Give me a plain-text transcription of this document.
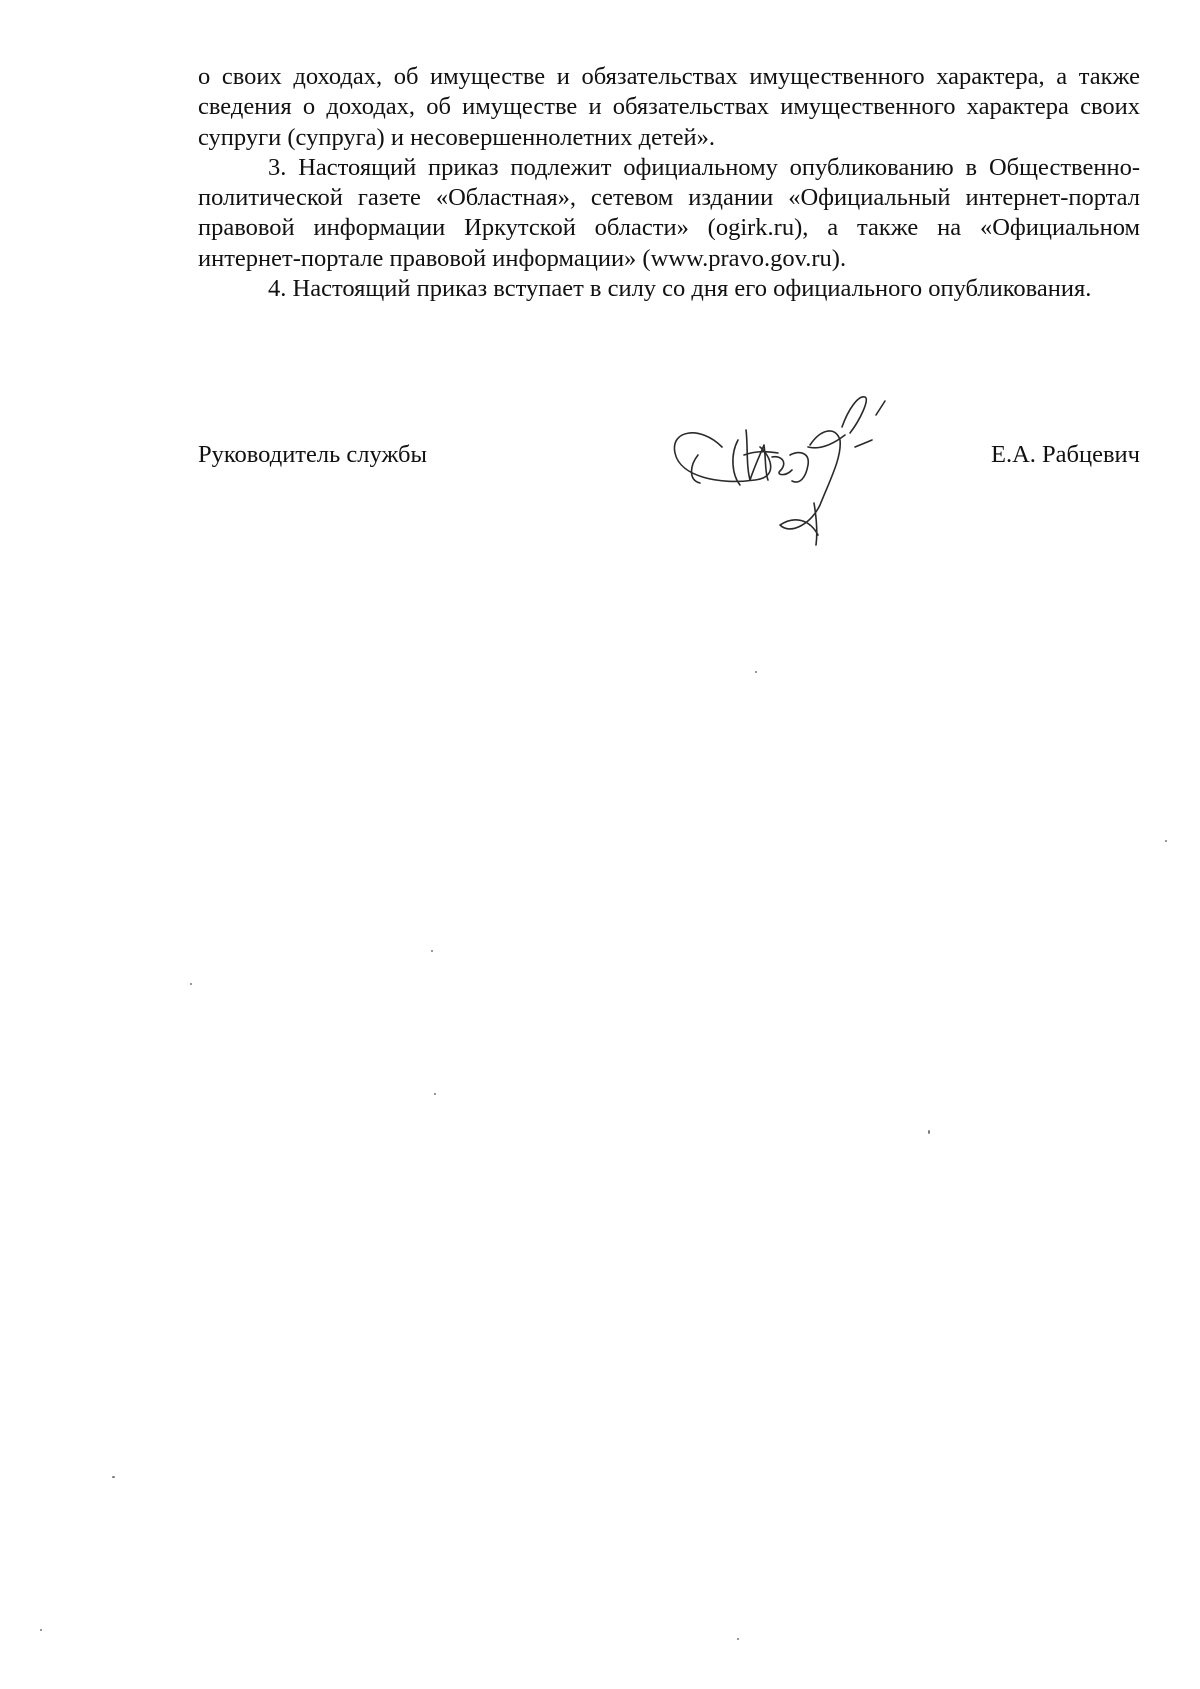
о своих доходах, об имуществе и обязательствах имущественного характера, а также сведения о доходах, об имуществе и обязательствах имущественного характера своих супруги (супруга) и несовершеннолетних детей».

3. Настоящий приказ подлежит официальному опубликованию в Общественно-политической газете «Областная», сетевом издании «Официальный интернет-портал правовой информации Иркутской области» (ogirk.ru), а также на «Официальном интернет-портале правовой информации» (www.pravo.gov.ru).

4. Настоящий приказ вступает в силу со дня его официального опубликования.

Руководитель службы	Е.А. Рабцевич
